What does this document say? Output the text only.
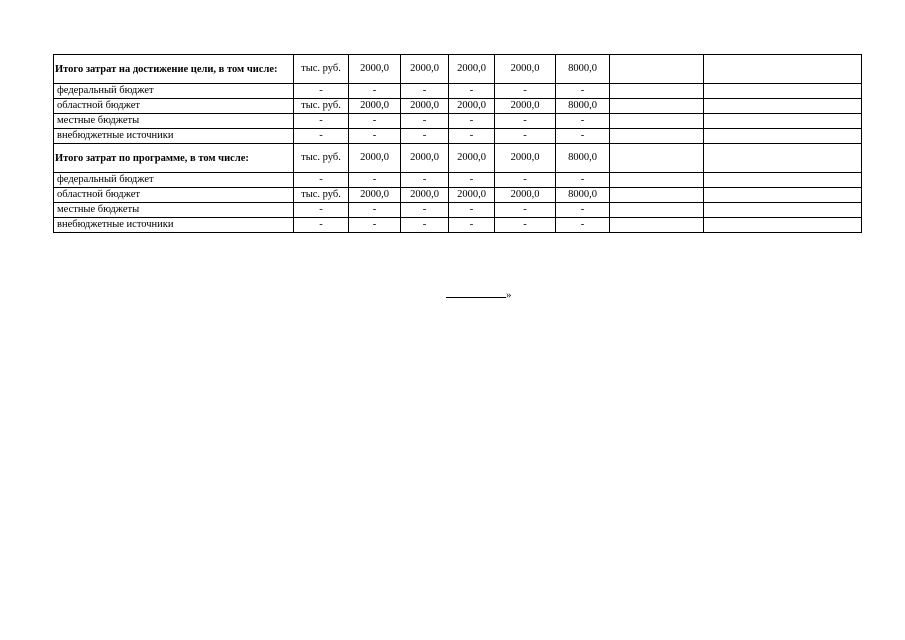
Итого затрат на достижение цели, в том числе:	тыс. руб.	2000,0	2000,0	2000,0	2000,0	8000,0		
федеральный бюджет	-	-	-	-	-	-		
областной бюджет	тыс. руб.	2000,0	2000,0	2000,0	2000,0	8000,0		
местные бюджеты	-	-	-	-	-	-		
внебюджетные источники	-	-	-	-	-	-		
Итого затрат по программе, в том числе:	тыс. руб.	2000,0	2000,0	2000,0	2000,0	8000,0		
федеральный бюджет	-	-	-	-	-	-		
областной бюджет	тыс. руб.	2000,0	2000,0	2000,0	2000,0	8000,0		
местные бюджеты	-	-	-	-	-	-		
внебюджетные источники	-	-	-	-	-	-		
»
